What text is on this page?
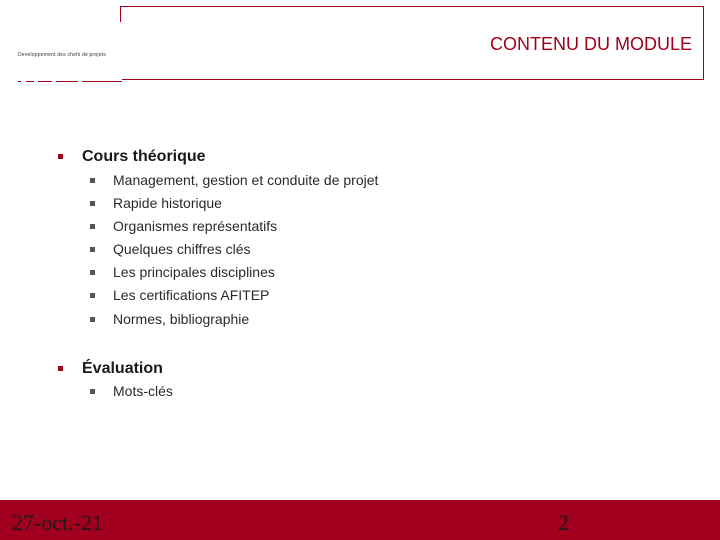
Developpement des chefs de projets
CONTENU DU MODULE
Cours théorique
Management, gestion et conduite de projet
Rapide historique
Organismes représentatifs
Quelques chiffres clés
Les principales disciplines
Les certifications AFITEP
Normes, bibliographie
Évaluation
Mots-clés
27-oct.-21	2
